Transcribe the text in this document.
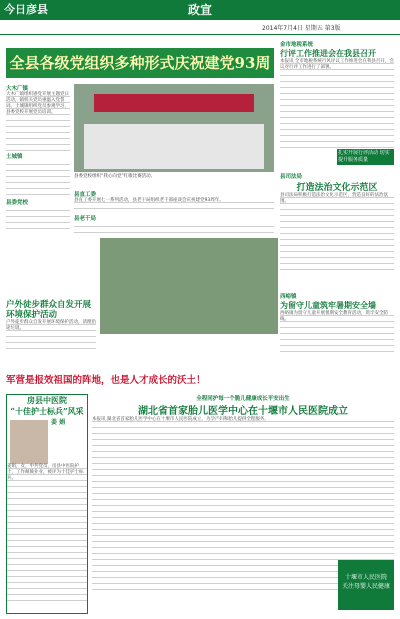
今日彦县	政宣
2014年7月4日 星期五 第3版
全县各级党组织多种形式庆祝建党93周
大木厂镇
大木厂镇组织感党开展主题党日活动，镇机关党员重温入党誓词。土城镇组织党员参观学习，县委党校开展党员培训。
土城镇
县委党校
县委党校组织“我心向党”红歌比赛活动。
县直工委
县直工委开展七一系列活动，县老干局组织老干部座谈会庆祝建党93周年。
县老干局
金市地税系统
行评工作推进会在我县召开
本报讯 全市地税系统行风评议工作推进会在我县召开，会议对行评工作进行了部署。
扎实开展行评活动 切实提升服务质量
县司法局
打造法治文化示范区
县司法局积极打造法治文化示范区，营造良好的法治氛围。
西峪镇
为留守儿童筑牢暑期安全墙
西峪镇为留守儿童开展暑期安全教育活动，筑牢安全防线。
户外徒步群众自发开展环境保护活动
户外徒步群众自发开展环境保护活动，清理沿途垃圾。
军营是报效祖国的阵地，也是人才成长的沃土！
房县中医院
“十佳护士标兵”风采
姜 娟
姜娟，女，中共党员，房县中医院护士，工作兢兢业业，被评为十佳护士标兵。
全程同护每一个脆儿健康成长平安出生
湖北省首家胎儿医学中心在十堰市人民医院成立
本报讯 湖北省首家胎儿医学中心在十堰市人民医院成立，为孕产妇和胎儿提供全程服务。
十堰市人民医院
关注母婴人民健康
